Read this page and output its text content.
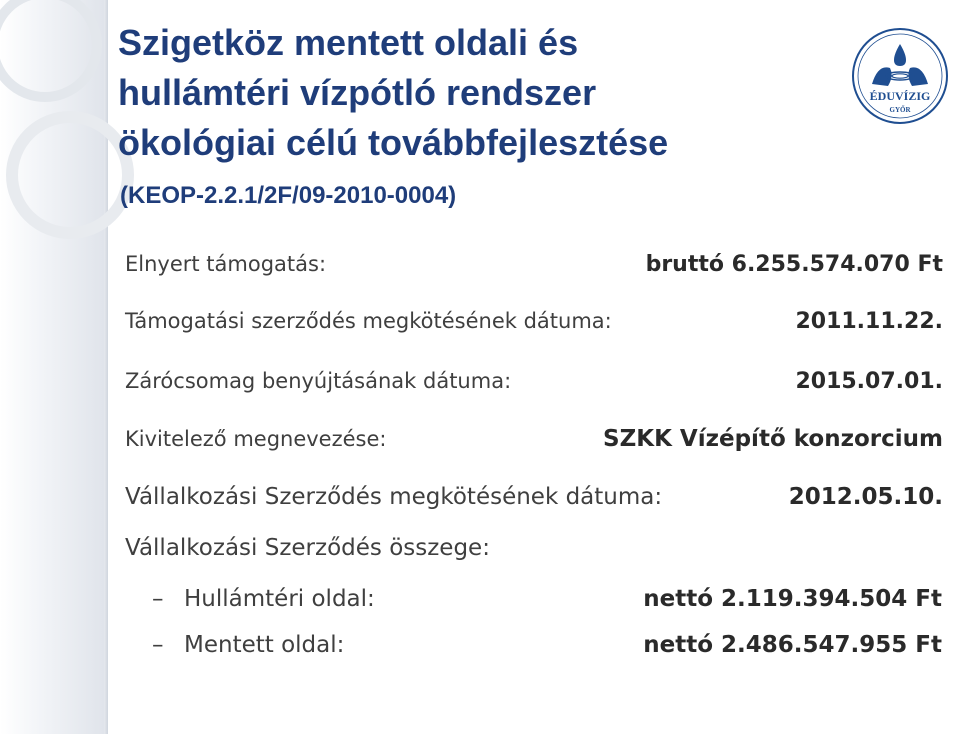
Szigetköz mentett oldali és
hullámtéri vízpótló rendszer
ökológiai célú továbbfejlesztése
(KEOP-2.2.1/2F/09-2010-0004)
ÉDUVÍZIG
GYŐR
Elnyert támogatás:	bruttó 6.255.574.070 Ft
Támogatási szerződés megkötésének dátuma:	2011.11.22.
Zárócsomag benyújtásának dátuma:	2015.07.01.
Kivitelező megnevezése:	SZKK Vízépítő konzorcium
Vállalkozási Szerződés megkötésének dátuma:	2012.05.10.
Vállalkozási Szerződés összege:
– Hullámtéri oldal:	nettó 2.119.394.504 Ft
– Mentett oldal:	nettó 2.486.547.955 Ft
